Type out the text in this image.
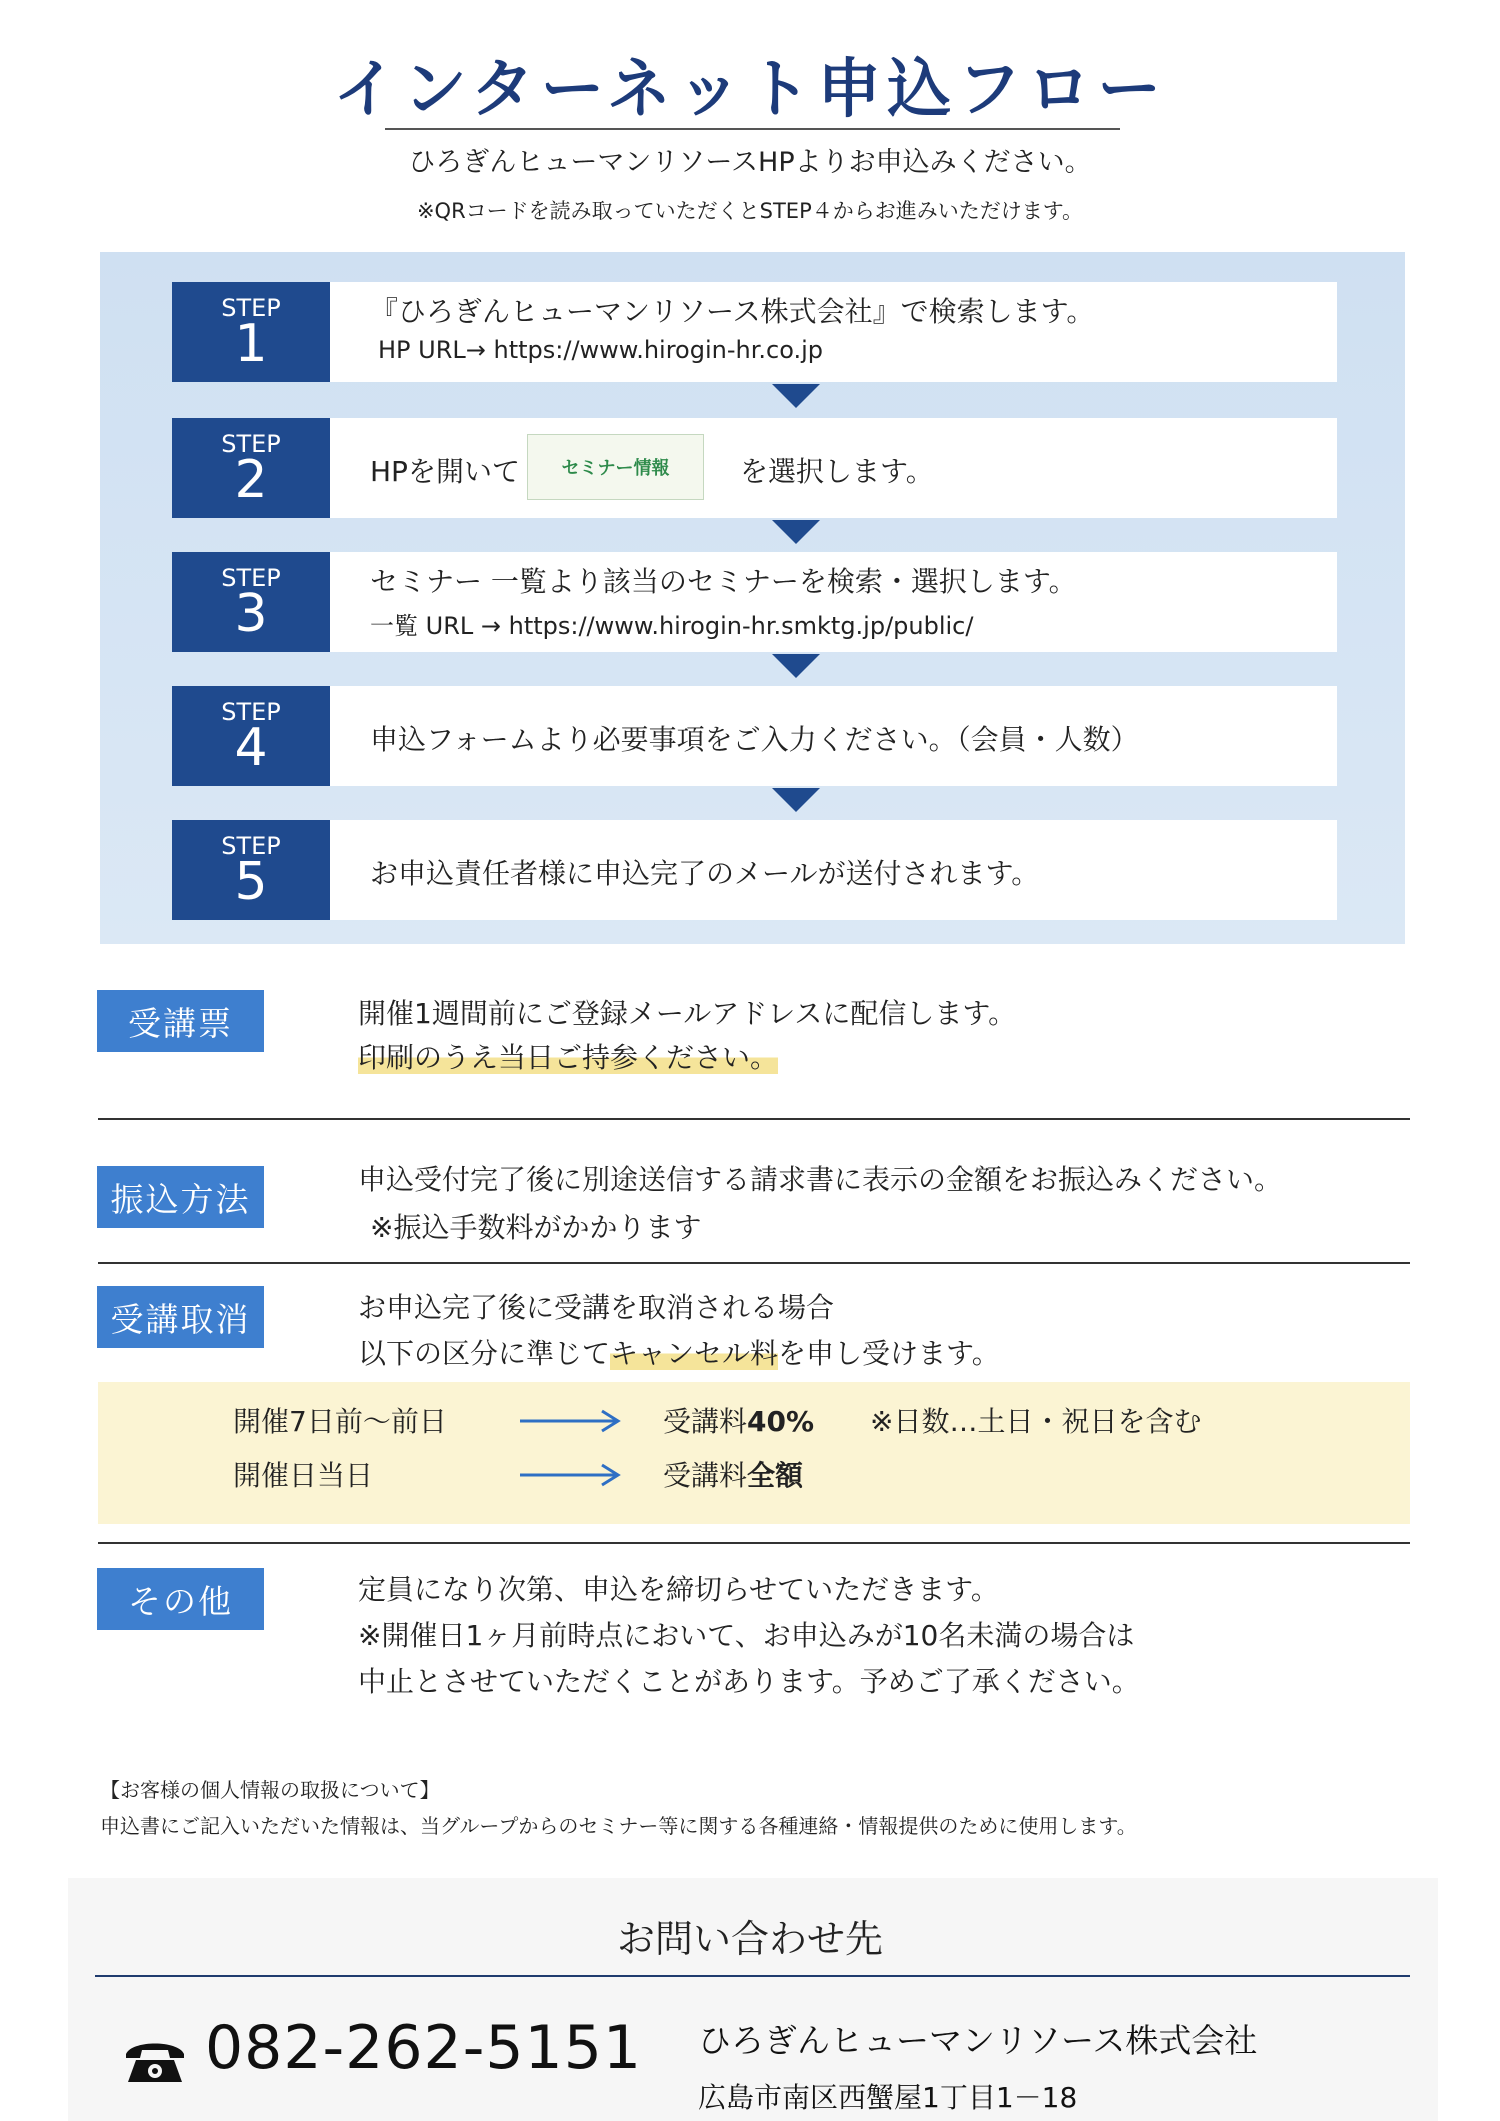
インターネット申込フロー
ひろぎんヒューマンリソースHPよりお申込みください。
※QRコードを読み取っていただくとSTEP４からお進みいただけます。
STEP
1
『ひろぎんヒューマンリソース株式会社』で検索します。
HP URL→ https://www.hirogin-hr.co.jp
STEP
2	HPを開いて	セミナー情報	を選択します。
STEP
3
セミナー 一覧より該当のセミナーを検索・選択します。
一覧 URL → https://www.hirogin-hr.smktg.jp/public/
STEP
4	申込フォームより必要事項をご入力ください。（会員・人数）
STEP
5	お申込責任者様に申込完了のメールが送付されます。
受講票	開催1週間前にご登録メールアドレスに配信します。
印刷のうえ当日ご持参ください。
振込方法	申込受付完了後に別途送信する請求書に表示の金額をお振込みください。
※振込手数料がかかります
受講取消	お申込完了後に受講を取消される場合
以下の区分に準じてキャンセル料を申し受けます。
開催7日前～前日	受講料40% ※日数…土日・祝日を含む
開催日当日	受講料全額
その他	定員になり次第、申込を締切らせていただきます。
※開催日1ヶ月前時点において、お申込みが10名未満の場合は
中止とさせていただくことがあります。予めご了承ください。
【お客様の個人情報の取扱について】
申込書にご記入いただいた情報は、当グループからのセミナー等に関する各種連絡・情報提供のために使用します。
お問い合わせ先
082-262-5151 ひろぎんヒューマンリソース株式会社
広島市南区西蟹屋1丁目1－18
